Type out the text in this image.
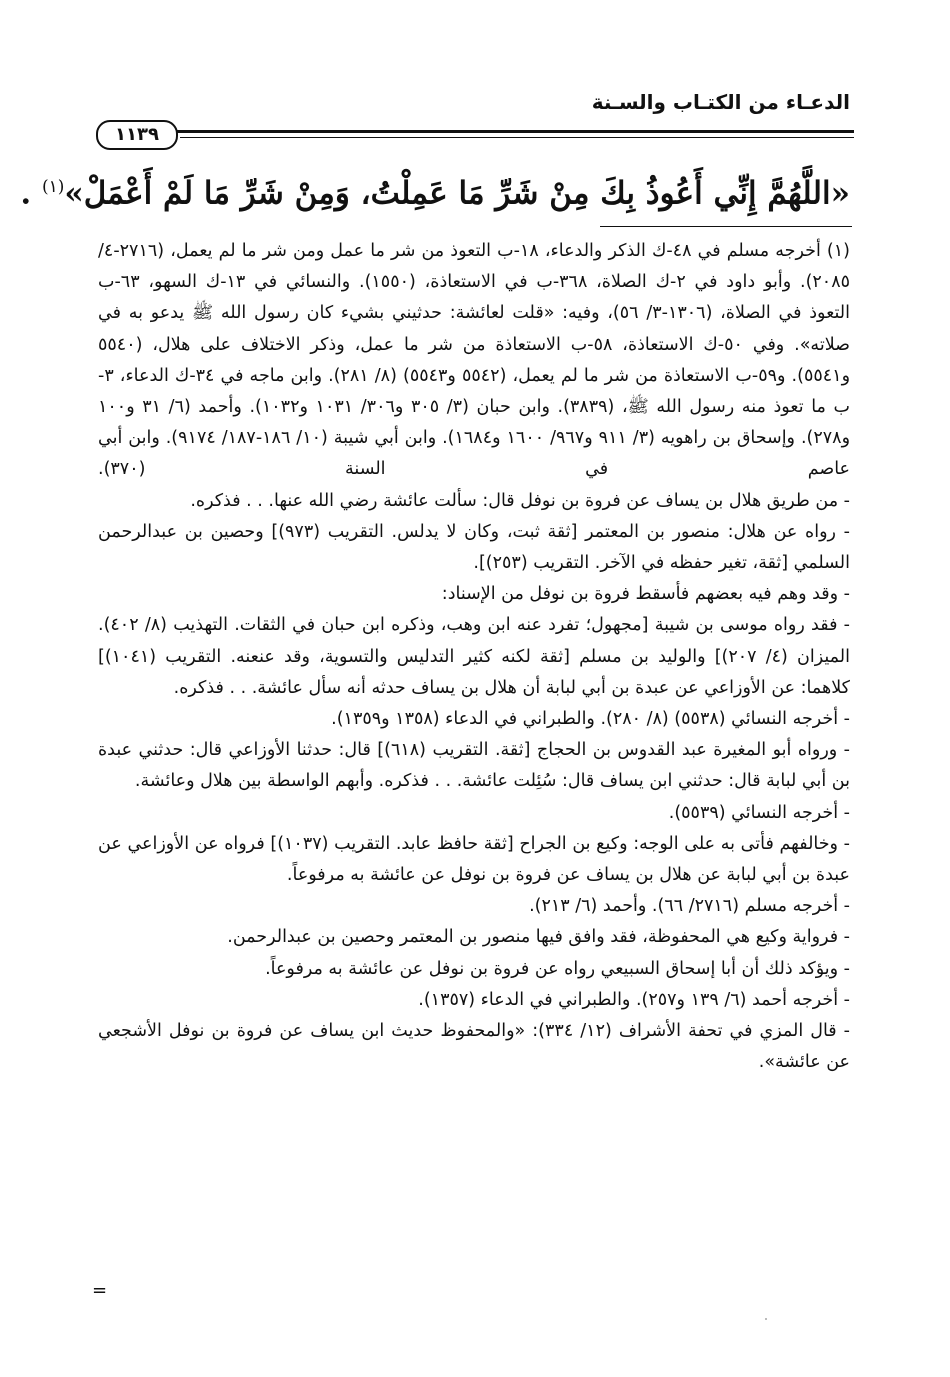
الدعـاء من الكتـاب والسـنة
١١٣٩
«اللَّهُمَّ إِنِّي أَعُوذُ بِكَ مِنْ شَرِّ مَا عَمِلْتُ، وَمِنْ شَرِّ مَا لَمْ أَعْمَلْ»$^{(١)}$ .

(١) أخرجه مسلم في ٤٨-ك الذكر والدعاء، ١٨-ب التعوذ من شر ما عمل ومن شر ما لم يعمل، (٢٧١٦-٤/ ٢٠٨٥). وأبو داود في ٢-ك الصلاة، ٣٦٨-ب في الاستعاذة، (١٥٥٠). والنسائي في ١٣-ك السهو، ٦٣-ب التعوذ في الصلاة، (١٣٠٦-٣/ ٥٦)، وفيه: «قلت لعائشة: حدثيني بشيء كان رسول الله ﷺ يدعو به في صلاته». وفي ٥٠-ك الاستعاذة، ٥٨-ب الاستعاذة من شر ما عمل، وذكر الاختلاف على هلال، (٥٥٤٠ و٥٥٤١). و٥٩-ب الاستعاذة من شر ما لم يعمل، (٥٥٤٢ و٥٥٤٣) (٨/ ٢٨١). وابن ماجه في ٣٤-ك الدعاء، ٣-ب ما تعوذ منه رسول الله ﷺ، (٣٨٣٩). وابن حبان (٣/ ٣٠٥ و٣٠٦/ ١٠٣١ و١٠٣٢). وأحمد (٦/ ٣١ و١٠٠ و٢٧٨). وإسحاق بن راهويه (٣/ ٩١١ و٩٦٧/ ١٦٠٠ و١٦٨٤). وابن أبي شيبة (١٠/ ١٨٦-١٨٧/ ٩١٧٤). وابن أبي عاصم في السنة (٣٧٠).

- من طريق هلال بن يساف عن فروة بن نوفل قال: سألت عائشة رضي الله عنها. . . فذكره.

- رواه عن هلال: منصور بن المعتمر [ثقة ثبت، وكان لا يدلس. التقريب (٩٧٣)] وحصين بن عبدالرحمن السلمي [ثقة، تغير حفظه في الآخر. التقريب (٢٥٣)].

- وقد وهم فيه بعضهم فأسقط فروة بن نوفل من الإسناد:

- فقد رواه موسى بن شيبة [مجهول؛ تفرد عنه ابن وهب، وذكره ابن حبان في الثقات. التهذيب (٨/ ٤٠٢). الميزان (٤/ ٢٠٧)] والوليد بن مسلم [ثقة لكنه كثير التدليس والتسوية، وقد عنعنه. التقريب (١٠٤١)] كلاهما: عن الأوزاعي عن عبدة بن أبي لبابة أن هلال بن يساف حدثه أنه سأل عائشة. . . فذكره.

- أخرجه النسائي (٥٥٣٨) (٨/ ٢٨٠). والطبراني في الدعاء (١٣٥٨ و١٣٥٩).

- ورواه أبو المغيرة عبد القدوس بن الحجاج [ثقة. التقريب (٦١٨)] قال: حدثنا الأوزاعي قال: حدثني عبدة بن أبي لبابة قال: حدثني ابن يساف قال: سُئِلت عائشة. . . فذكره. وأبهم الواسطة بين هلال وعائشة.

- أخرجه النسائي (٥٥٣٩).

- وخالفهم فأتى به على الوجه: وكيع بن الجراح [ثقة حافظ عابد. التقريب (١٠٣٧)] فرواه عن الأوزاعي عن عبدة بن أبي لبابة عن هلال بن يساف عن فروة بن نوفل عن عائشة به مرفوعاً.

- أخرجه مسلم (٢٧١٦/ ٦٦). وأحمد (٦/ ٢١٣).

- فرواية وكيع هي المحفوظة، فقد وافق فيها منصور بن المعتمر وحصين بن عبدالرحمن.

- ويؤكد ذلك أن أبا إسحاق السبيعي رواه عن فروة بن نوفل عن عائشة به مرفوعاً.

- أخرجه أحمد (٦/ ١٣٩ و٢٥٧). والطبراني في الدعاء (١٣٥٧).

- قال المزي في تحفة الأشراف (١٢/ ٣٣٤): «والمحفوظ حديث ابن يساف عن فروة بن نوفل الأشجعي عن عائشة».

=
